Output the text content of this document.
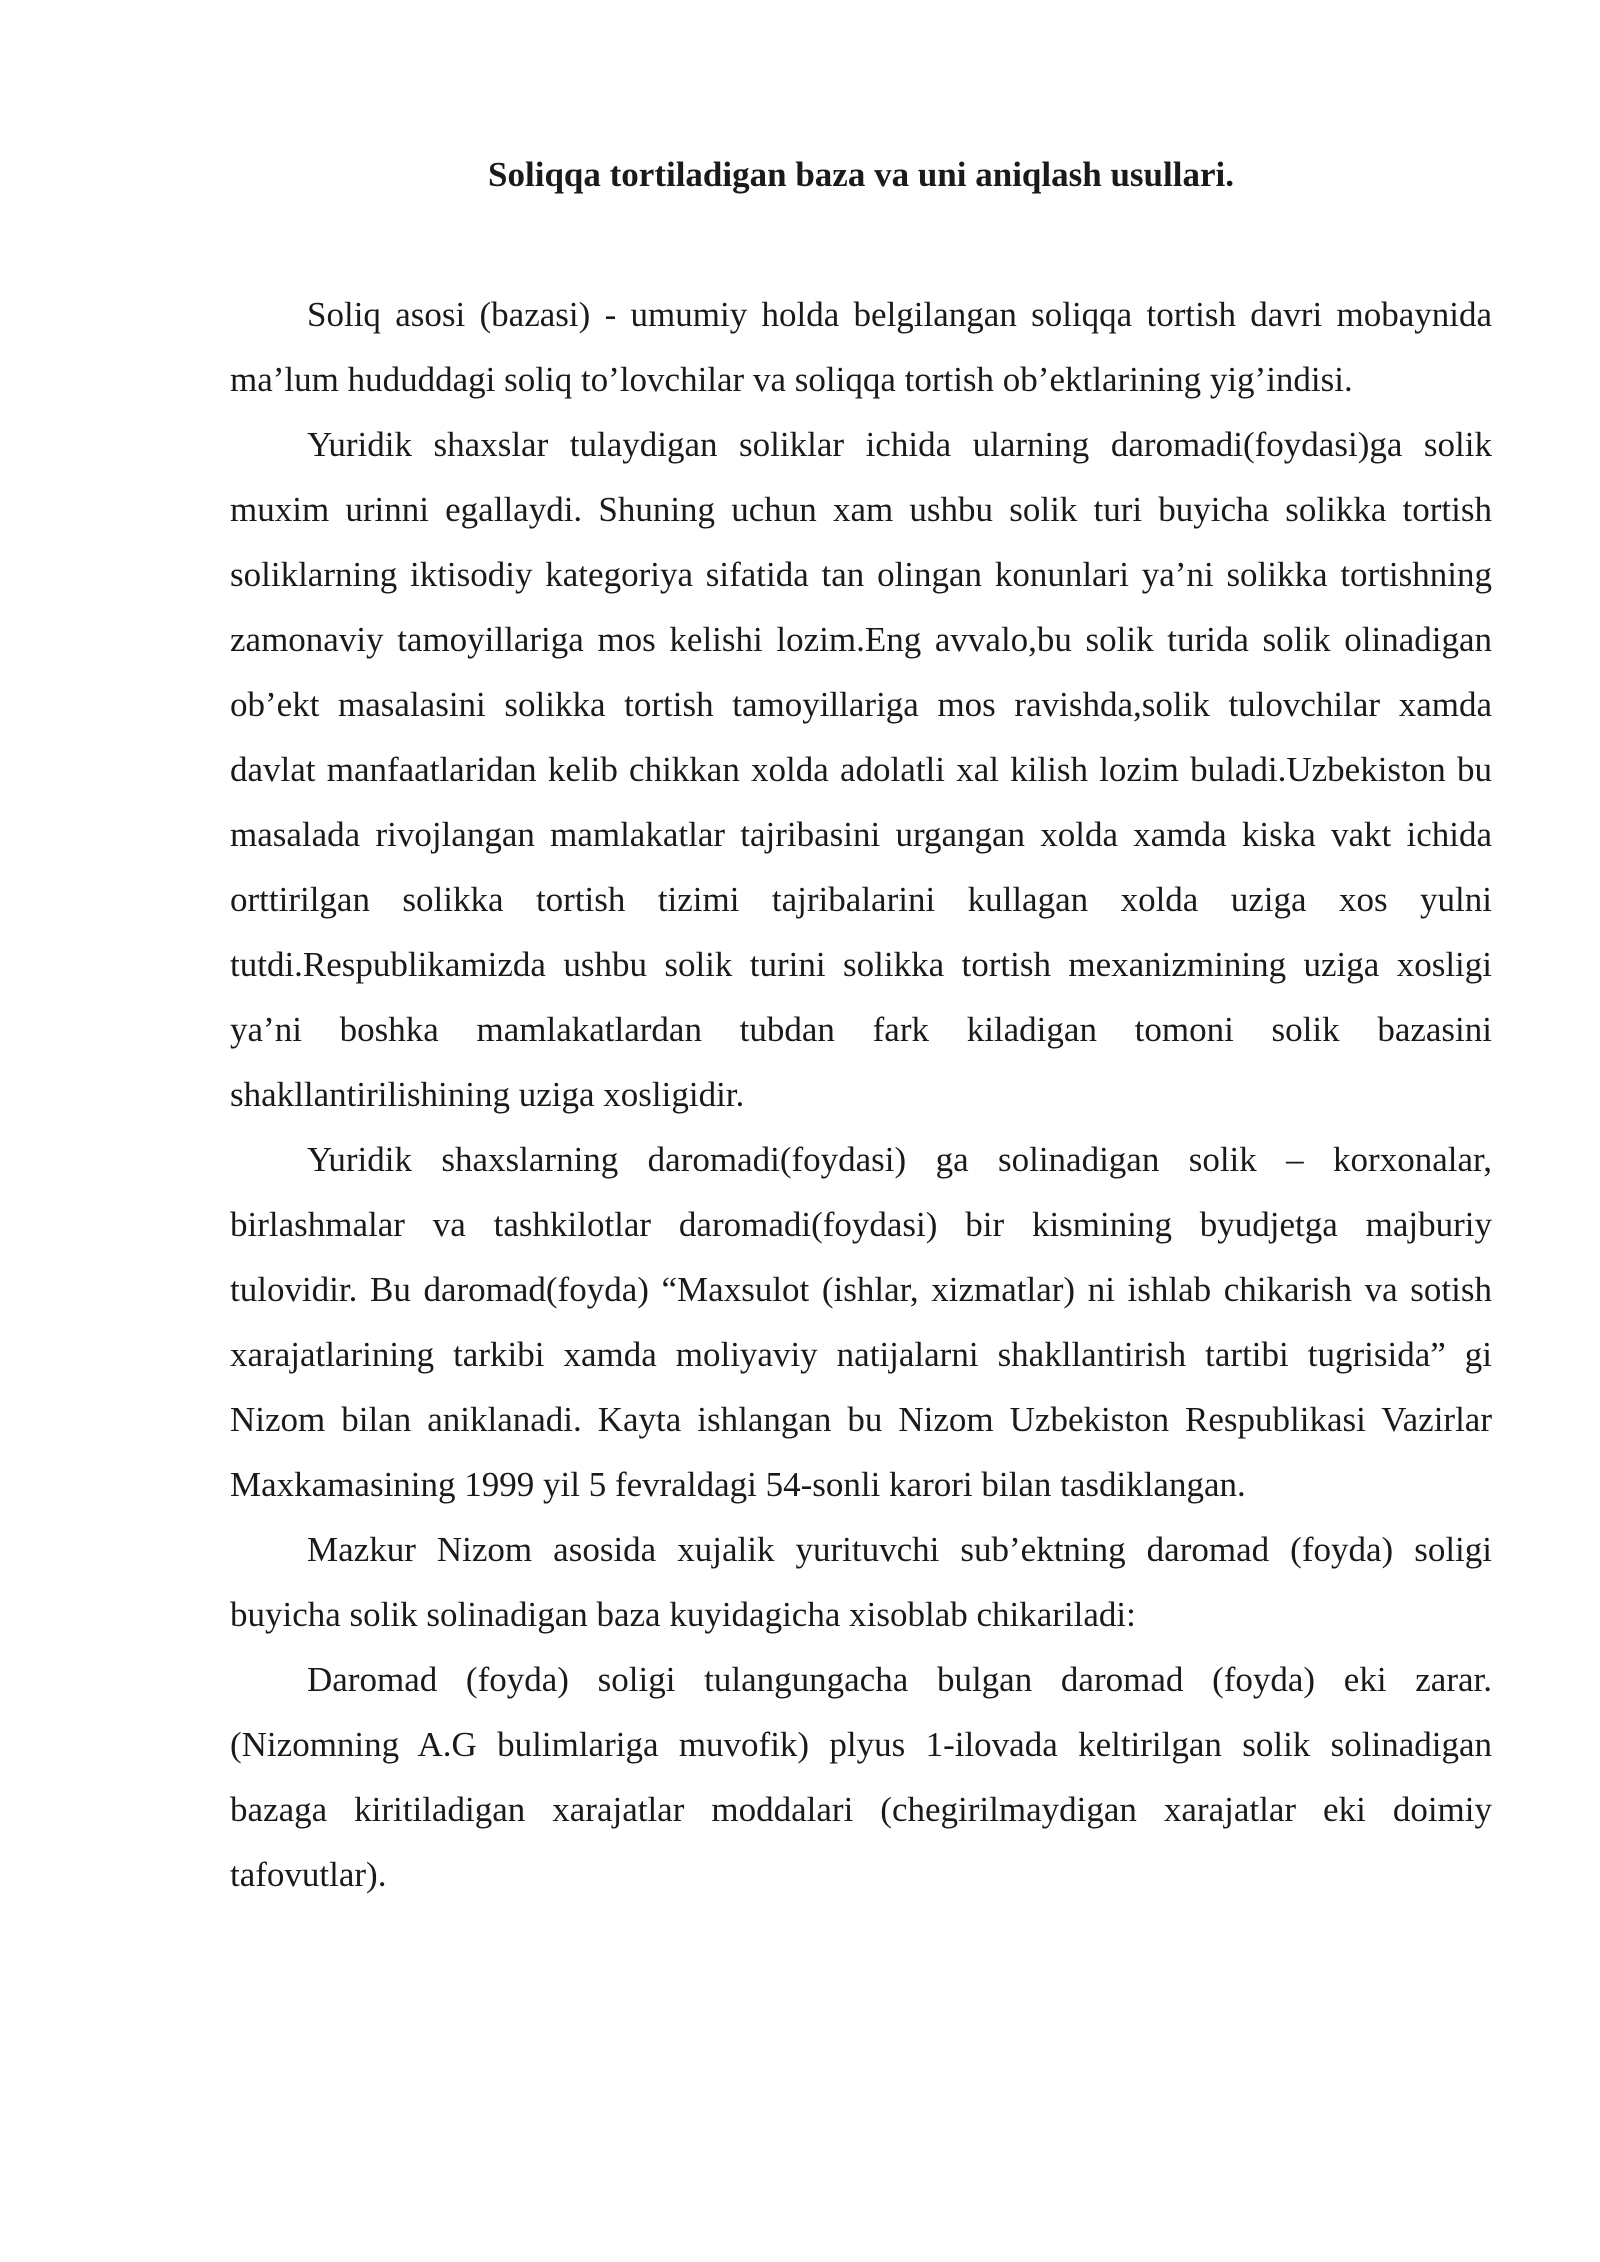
Soliqqa tortiladigan baza va uni aniqlash usullari.

Soliq asosi (bazasi) - umumiy holda belgilangan soliqqa tortish davri mobaynida ma’lum hududdagi soliq to’lovchilar va soliqqa tortish ob’ektlarining yig’indisi.

Yuridik shaxslar tulaydigan soliklar ichida ularning daromadi(foydasi)ga solik muxim urinni egallaydi. Shuning uchun xam ushbu solik turi buyicha solikka tortish soliklarning iktisodiy kategoriya sifatida tan olingan konunlari ya’ni solikka tortishning zamonaviy tamoyillariga mos kelishi lozim.Eng avvalo,bu solik turida solik olinadigan ob’ekt masalasini solikka tortish tamoyillariga mos ravishda,solik tulovchilar xamda davlat manfaatlaridan kelib chikkan xolda adolatli xal kilish lozim buladi.Uzbekiston bu masalada rivojlangan mamlakatlar tajribasini urgangan xolda xamda kiska vakt ichida orttirilgan solikka tortish tizimi tajribalarini kullagan xolda uziga xos yulni tutdi.Respublikamizda ushbu solik turini solikka tortish mexanizmining uziga xosligi ya’ni boshka mamlakatlardan tubdan fark kiladigan tomoni solik bazasini shakllantirilishining uziga xosligidir.

Yuridik shaxslarning daromadi(foydasi) ga solinadigan solik – korxonalar, birlashmalar va tashkilotlar daromadi(foydasi) bir kismining byudjetga majburiy tulovidir. Bu daromad(foyda) “Maxsulot (ishlar, xizmatlar) ni ishlab chikarish va sotish xarajatlarining tarkibi xamda moliyaviy natijalarni shakllantirish tartibi tugrisida” gi Nizom bilan aniklanadi. Kayta ishlangan bu Nizom Uzbekiston Respublikasi Vazirlar Maxkamasining 1999 yil 5 fevraldagi 54-sonli karori bilan tasdiklangan.

Mazkur Nizom asosida xujalik yurituvchi sub’ektning daromad (foyda) soligi buyicha solik solinadigan baza kuyidagicha xisoblab chikariladi:

Daromad (foyda) soligi tulangungacha bulgan daromad (foyda) eki zarar. (Nizomning A.G bulimlariga muvofik) plyus 1-ilovada keltirilgan solik solinadigan bazaga kiritiladigan xarajatlar moddalari (chegirilmaydigan xarajatlar eki doimiy tafovutlar).
